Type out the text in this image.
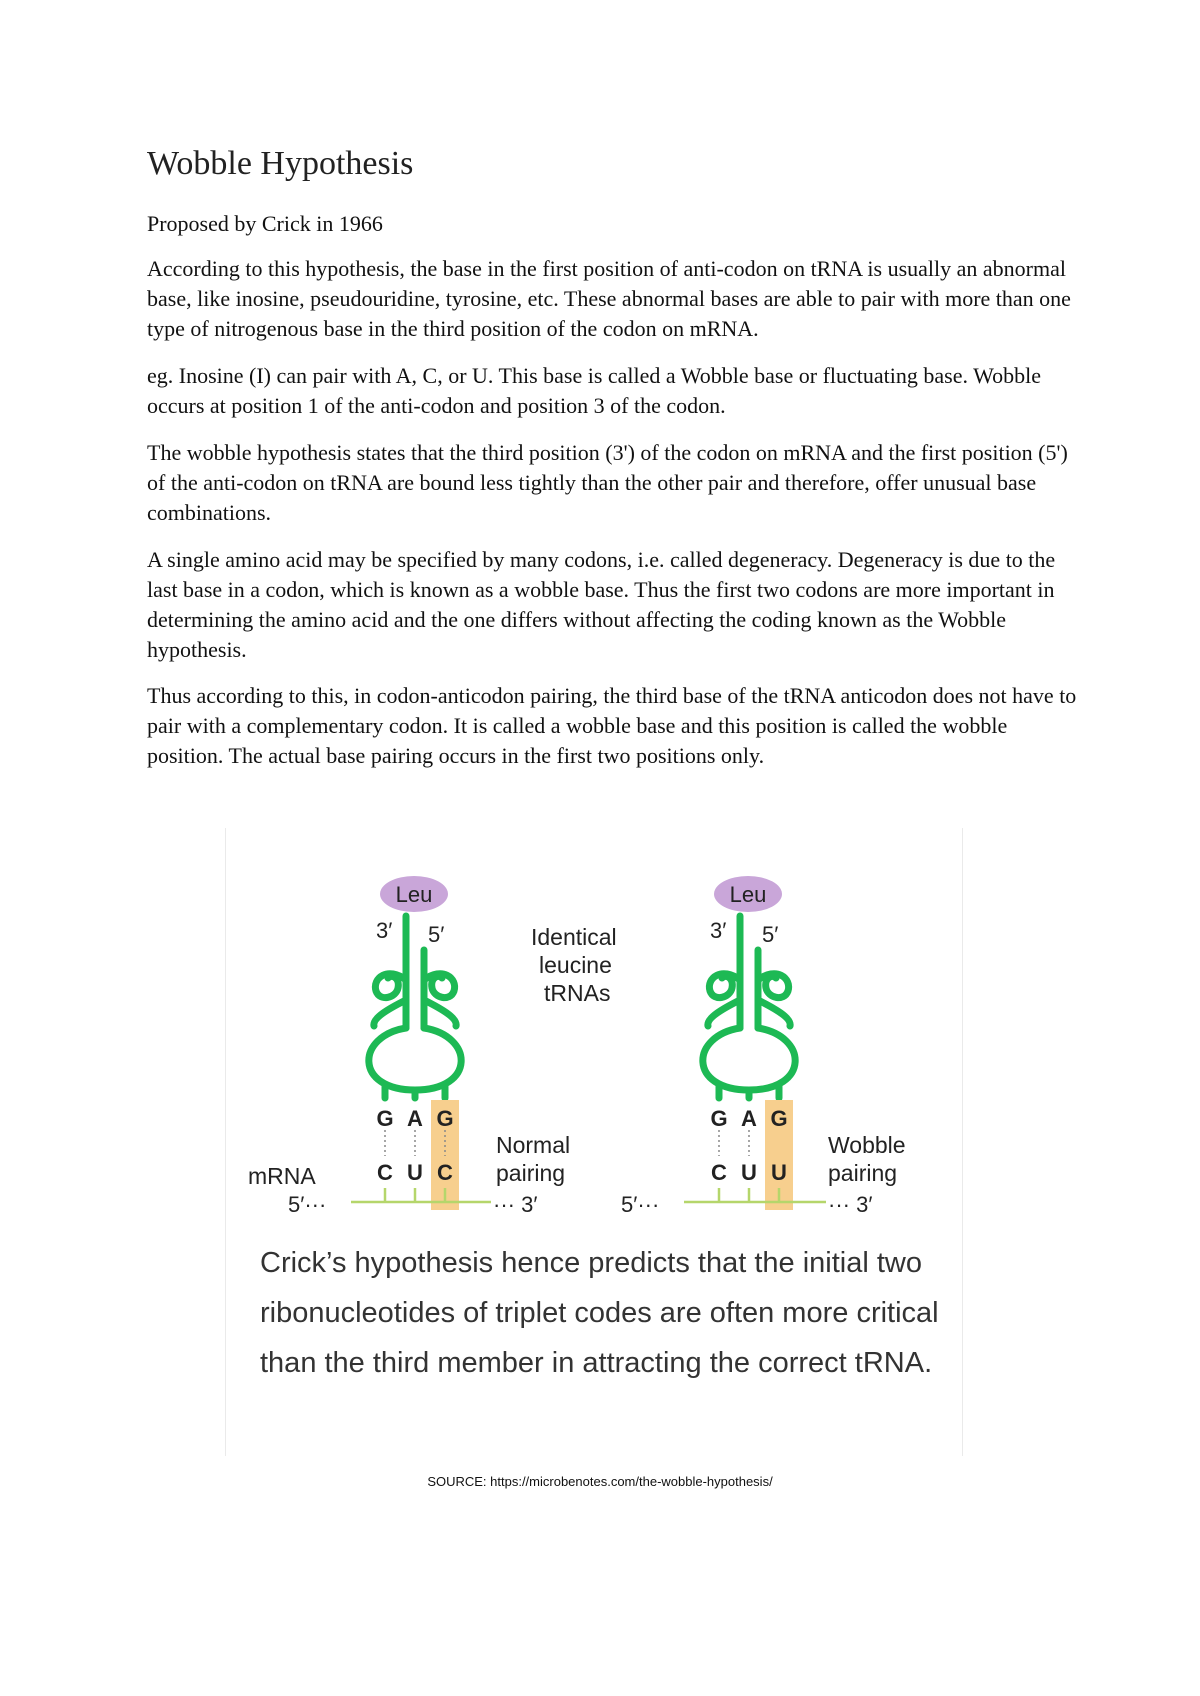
Wobble Hypothesis

Proposed by Crick in 1966

According to this hypothesis, the base in the first position of anti-codon on tRNA is usually an abnormal base, like inosine, pseudouridine, tyrosine, etc. These abnormal bases are able to pair with more than one type of nitrogenous base in the third position of the codon on mRNA.

eg. Inosine (I) can pair with A, C, or U. This base is called a Wobble base or fluctuating base. Wobble occurs at position 1 of the anti-codon and position 3 of the codon.

The wobble hypothesis states that the third position (3') of the codon on mRNA and the first position (5') of the anti-codon on tRNA are bound less tightly than the other pair and therefore, offer unusual base combinations.

A single amino acid may be specified by many codons, i.e. called degeneracy. Degeneracy is due to the last base in a codon, which is known as a wobble base. Thus the first two codons are more important in determining the amino acid and the one differs without affecting the coding known as the Wobble hypothesis.

Thus according to this, in codon-anticodon pairing, the third base of the tRNA anticodon does not have to pair with a complementary codon. It is called a wobble base and this position is called the wobble position. The actual base pairing occurs in the first two positions only.

Leu
3′ 5′
G A G
C U C
5′···	··· 3′
Normal
pairing
mRNA
Identical
leucine
tRNAs
Leu
3′ 5′
G A G
C U U
5′···	··· 3′
Wobble
pairing

Crick’s hypothesis hence predicts that the initial two ribonucleotides of triplet codes are often more critical than the third member in attracting the correct tRNA.

SOURCE: https://microbenotes.com/the-wobble-hypothesis/
